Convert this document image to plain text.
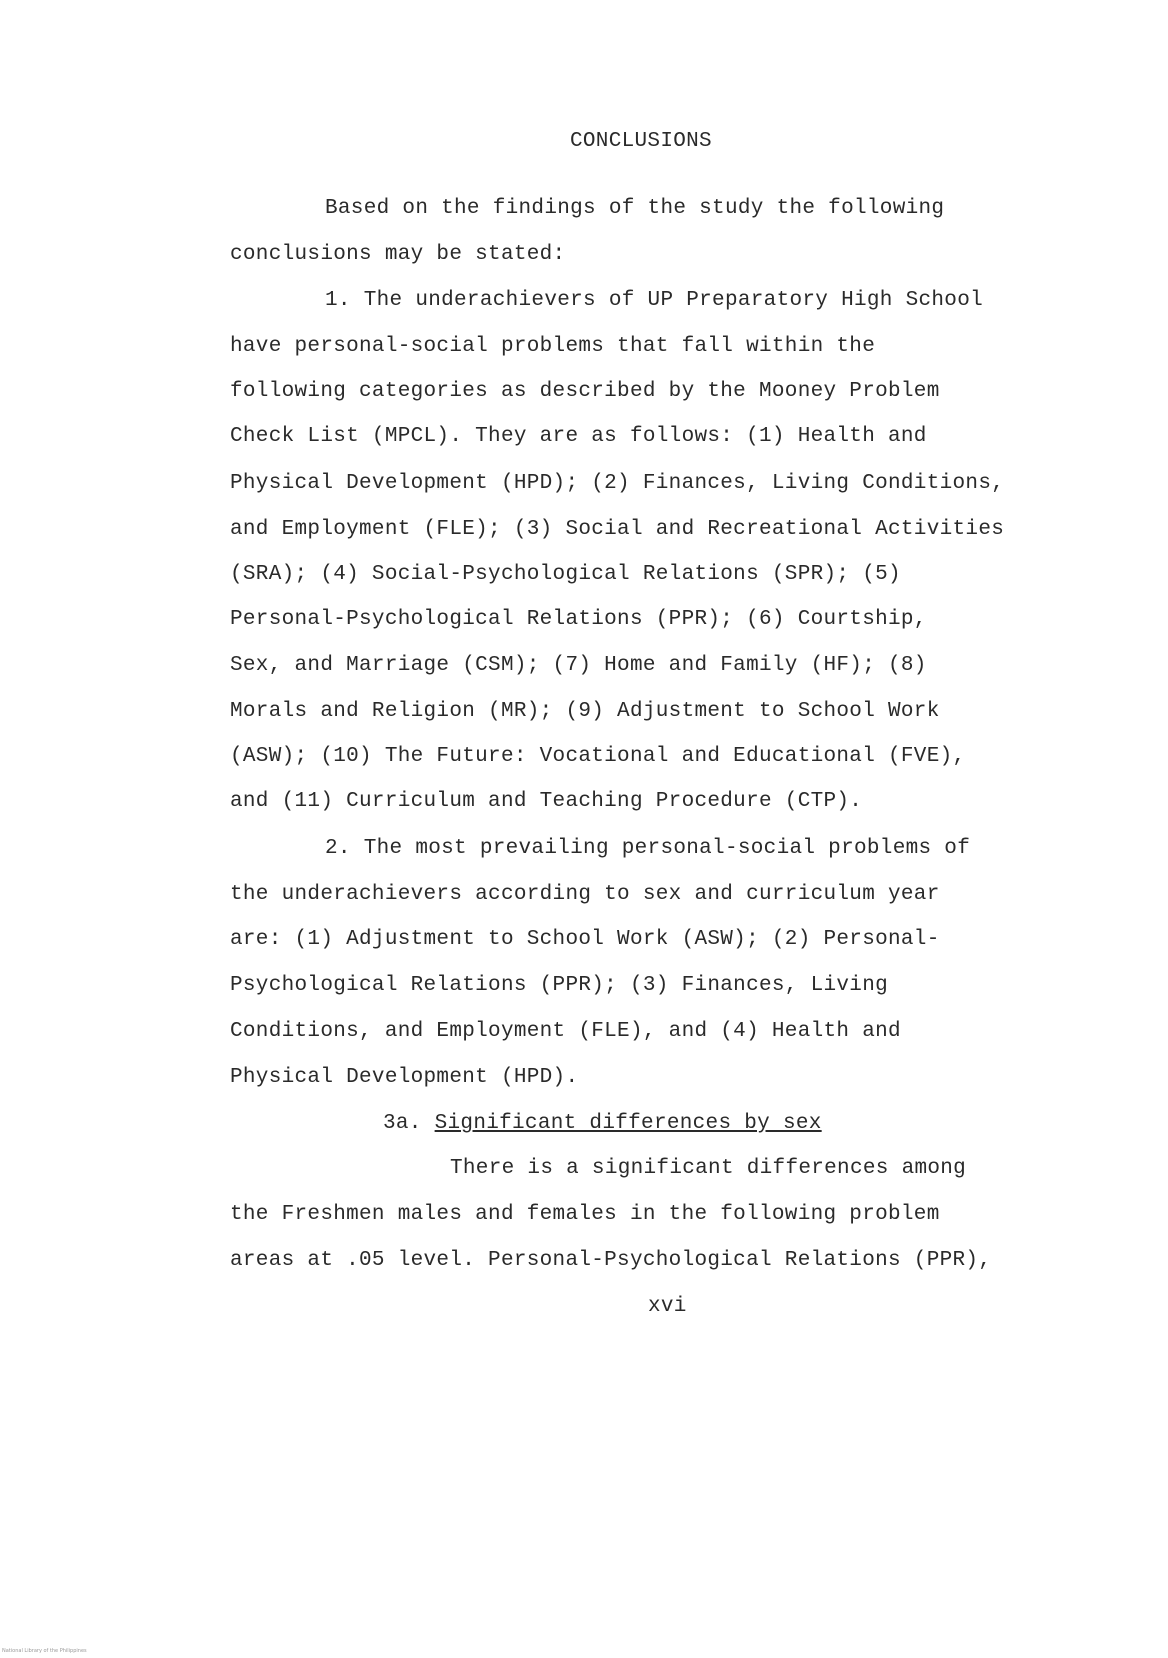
CONCLUSIONS
Based on the findings of the study the following
conclusions may be stated:
1. The underachievers of UP Preparatory High School
have personal-social problems that fall within the
following categories as described by the Mooney Problem
Check List (MPCL). They are as follows: (1) Health and
Physical Development (HPD); (2) Finances, Living Conditions,
and Employment (FLE); (3) Social and Recreational Activities
(SRA); (4) Social-Psychological Relations (SPR); (5)
Personal-Psychological Relations (PPR); (6) Courtship,
Sex, and Marriage (CSM); (7) Home and Family (HF); (8)
Morals and Religion (MR); (9) Adjustment to School Work
(ASW); (10) The Future: Vocational and Educational (FVE),
and (11) Curriculum and Teaching Procedure (CTP).
2. The most prevailing personal-social problems of
the underachievers according to sex and curriculum year
are: (1) Adjustment to School Work (ASW); (2) Personal-
Psychological Relations (PPR); (3) Finances, Living
Conditions, and Employment (FLE), and (4) Health and
Physical Development (HPD).
3a. Significant differences by sex
There is a significant differences among
the Freshmen males and females in the following problem
areas at .05 level. Personal-Psychological Relations (PPR),
xvi
National Library of the Philippines
